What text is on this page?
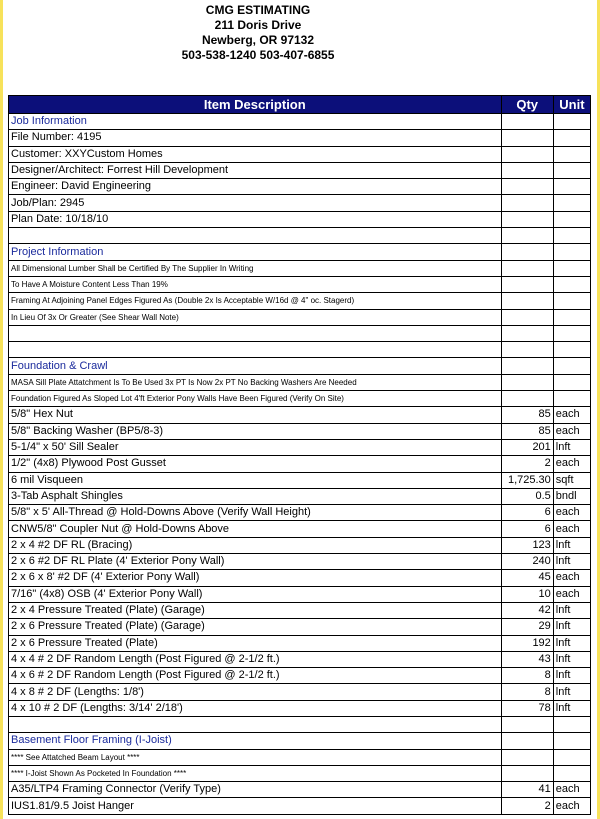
CMG ESTIMATING
211 Doris Drive
Newberg, OR 97132
503-538-1240 503-407-6855
Item Description	Qty	Unit
Job Information		
File Number: 4195		
Customer: XXYCustom Homes		
Designer/Architect: Forrest Hill Development		
Engineer: David Engineering		
Job/Plan: 2945		
Plan Date: 10/18/10		

Project Information		
All Dimensional Lumber Shall be Certified By The Supplier In Writing		
To Have A Moisture Content Less Than 19%		
Framing At Adjoining Panel Edges Figured As (Double 2x Is Acceptable W/16d @ 4" oc. Stagerd)		
In Lieu Of 3x Or Greater (See Shear Wall Note)		

Foundation & Crawl		
MASA Sill Plate Attatchment Is To Be Used 3x PT Is Now 2x PT No Backing Washers Are Needed		
Foundation Figured As Sloped Lot 4'ft Exterior Pony Walls Have Been Figured (Verify On Site)		
5/8" Hex Nut	85	each
5/8" Backing Washer (BP5/8-3)	85	each
5-1/4" x 50' Sill Sealer	201	lnft
1/2" (4x8) Plywood Post Gusset	2	each
6 mil Visqueen	1,725.30	sqft
3-Tab Asphalt Shingles	0.5	bndl
5/8" x 5' All-Thread @ Hold-Downs Above (Verify Wall Height)	6	each
CNW5/8" Coupler Nut @ Hold-Downs Above	6	each
2 x 4 #2 DF RL (Bracing)	123	lnft
2 x 6 #2 DF RL Plate (4' Exterior Pony Wall)	240	lnft
2 x 6 x 8' #2 DF (4' Exterior Pony Wall)	45	each
7/16" (4x8) OSB (4' Exterior Pony Wall)	10	each
2 x 4 Pressure Treated (Plate) (Garage)	42	lnft
2 x 6 Pressure Treated (Plate) (Garage)	29	lnft
2 x 6 Pressure Treated (Plate)	192	lnft
4 x 4 # 2 DF Random Length (Post Figured @ 2-1/2 ft.)	43	lnft
4 x 6 # 2 DF Random Length (Post Figured @ 2-1/2 ft.)	8	lnft
4 x 8 # 2 DF (Lengths: 1/8')	8	lnft
4 x 10 # 2 DF (Lengths: 3/14' 2/18')	78	lnft

Basement Floor Framing (I-Joist)		
**** See Attatched Beam Layout ****		
**** I-Joist Shown As Pocketed In Foundation ****		
A35/LTP4 Framing Connector (Verify Type)	41	each
IUS1.81/9.5 Joist Hanger	2	each
